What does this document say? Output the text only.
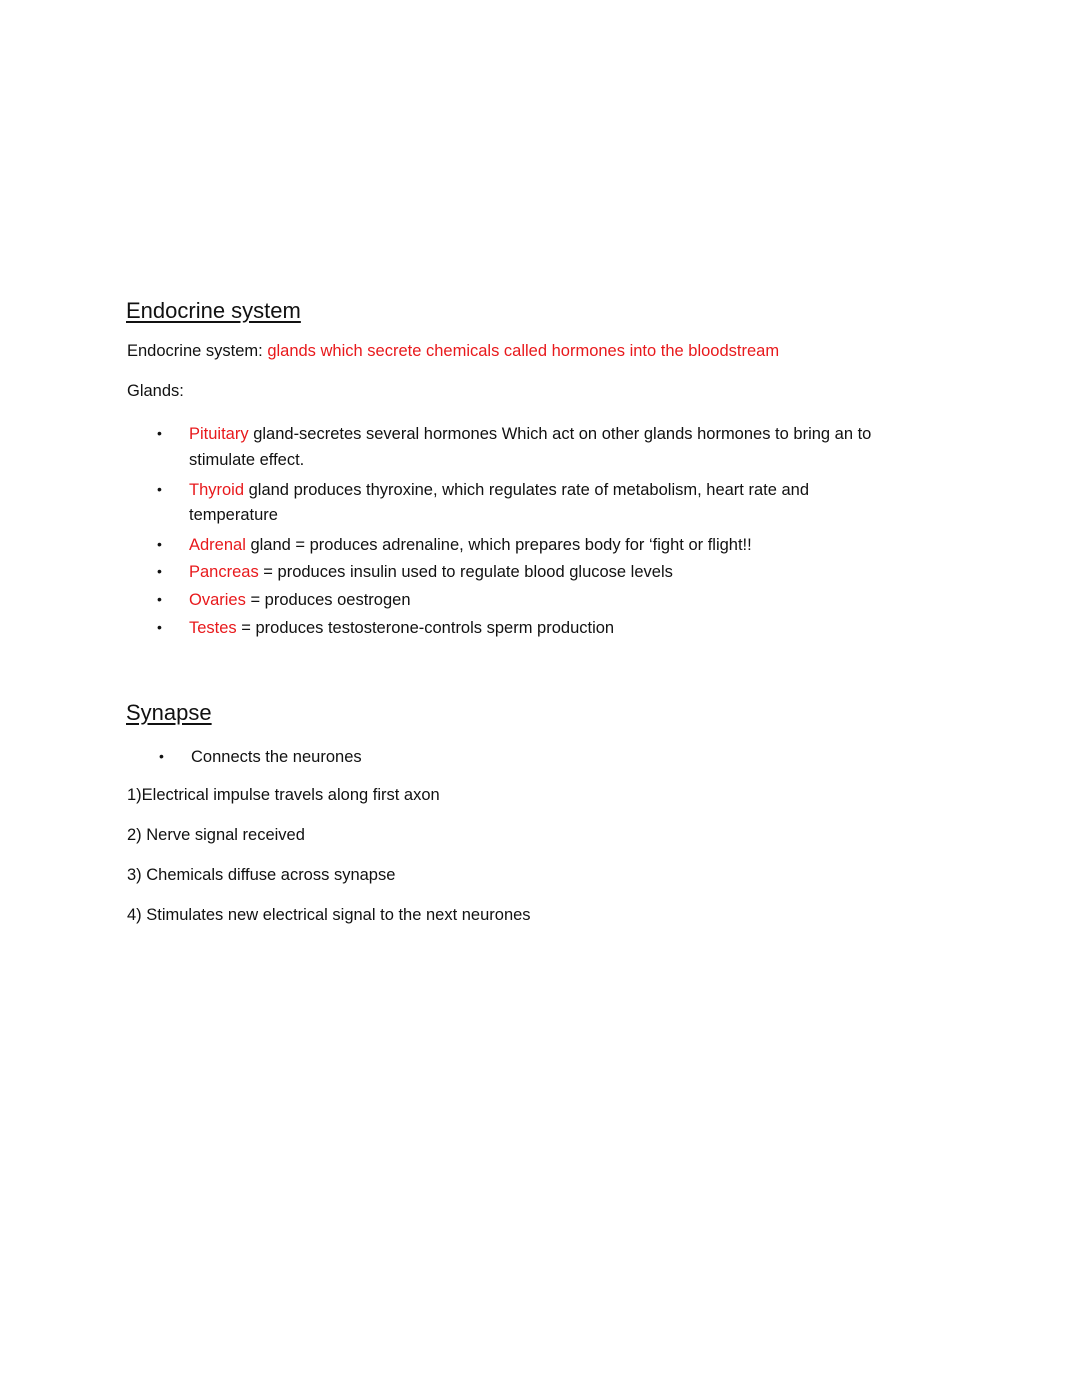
Endocrine system
Endocrine system: glands which secrete chemicals called hormones into the bloodstream
Glands:
• Pituitary gland-secretes several hormones Which act on other glands hormones to bring an to
stimulate effect.
• Thyroid gland produces thyroxine, which regulates rate of metabolism, heart rate and
temperature
• Adrenal gland = produces adrenaline, which prepares body for ‘fight or flight!!
• Pancreas = produces insulin used to regulate blood glucose levels
• Ovaries = produces oestrogen
• Testes = produces testosterone-controls sperm production
Synapse
• Connects the neurones
1)Electrical impulse travels along first axon
2) Nerve signal received
3) Chemicals diffuse across synapse
4) Stimulates new electrical signal to the next neurones
